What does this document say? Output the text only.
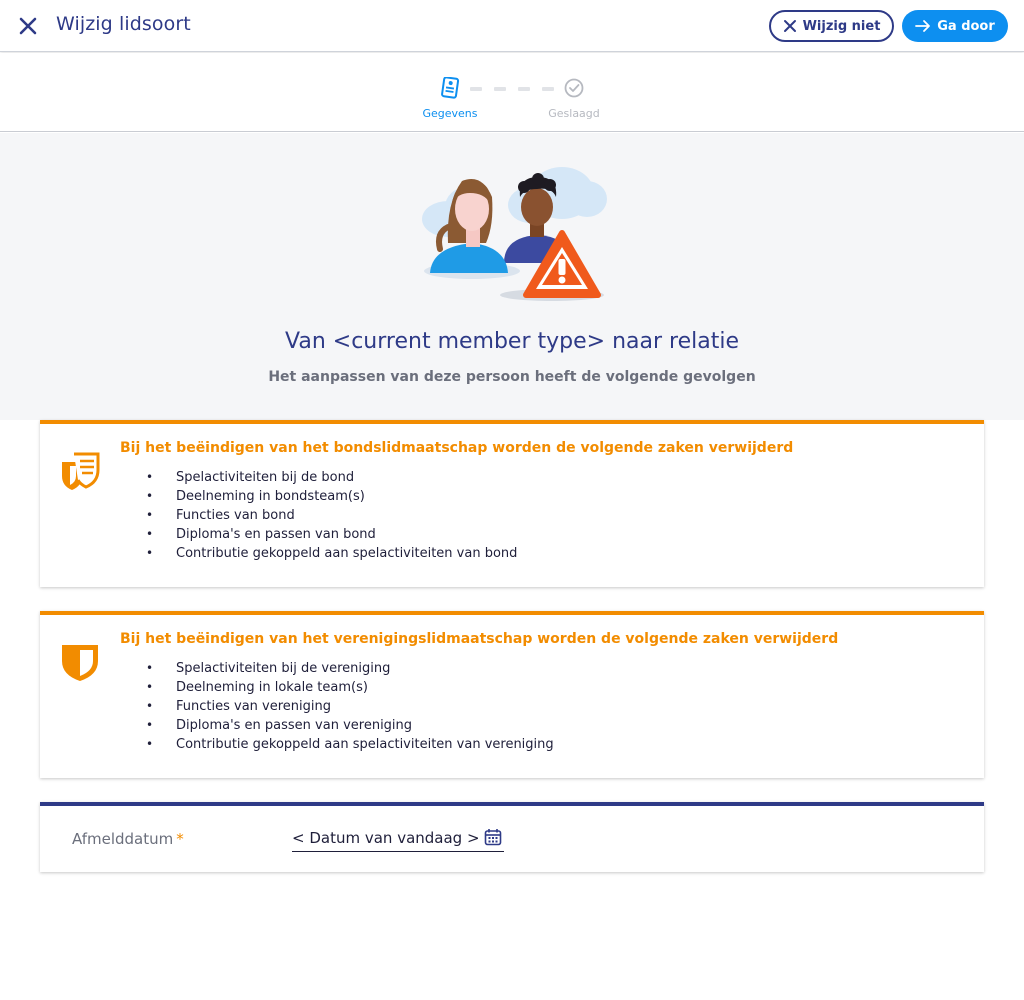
Wijzig lidsoort	Wijzig niet	Ga door
Gegevens	Geslaagd
Van <current member type> naar relatie
Het aanpassen van deze persoon heeft de volgende gevolgen
Bij het beëindigen van het bondslidmaatschap worden de volgende zaken verwijderd
• Spelactiviteiten bij de bond
• Deelneming in bondsteam(s)
• Functies van bond
• Diploma's en passen van bond
• Contributie gekoppeld aan spelactiviteiten van bond
Bij het beëindigen van het verenigingslidmaatschap worden de volgende zaken verwijderd
• Spelactiviteiten bij de vereniging
• Deelneming in lokale team(s)
• Functies van vereniging
• Diploma's en passen van vereniging
• Contributie gekoppeld aan spelactiviteiten van vereniging
Afmelddatum *	< Datum van vandaag >
